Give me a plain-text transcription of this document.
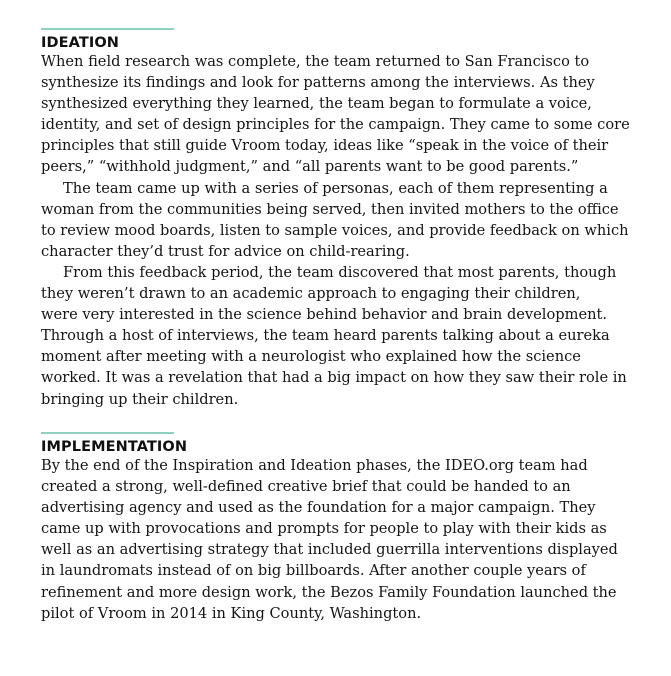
IDEATION
When field research was complete, the team returned to San Francisco to
synthesize its findings and look for patterns among the interviews. As they
synthesized everything they learned, the team began to formulate a voice,
identity, and set of design principles for the campaign. They came to some core
principles that still guide Vroom today, ideas like “speak in the voice of their
peers,” “withhold judgment,” and “all parents want to be good parents.”
The team came up with a series of personas, each of them representing a
woman from the communities being served, then invited mothers to the office
to review mood boards, listen to sample voices, and provide feedback on which
character they’d trust for advice on child-rearing.
From this feedback period, the team discovered that most parents, though
they weren’t drawn to an academic approach to engaging their children,
were very interested in the science behind behavior and brain development.
Through a host of interviews, the team heard parents talking about a eureka
moment after meeting with a neurologist who explained how the science
worked. It was a revelation that had a big impact on how they saw their role in
bringing up their children.
IMPLEMENTATION
By the end of the Inspiration and Ideation phases, the IDEO.org team had
created a strong, well-defined creative brief that could be handed to an
advertising agency and used as the foundation for a major campaign. They
came up with provocations and prompts for people to play with their kids as
well as an advertising strategy that included guerrilla interventions displayed
in laundromats instead of on big billboards. After another couple years of
refinement and more design work, the Bezos Family Foundation launched the
pilot of Vroom in 2014 in King County, Washington.
